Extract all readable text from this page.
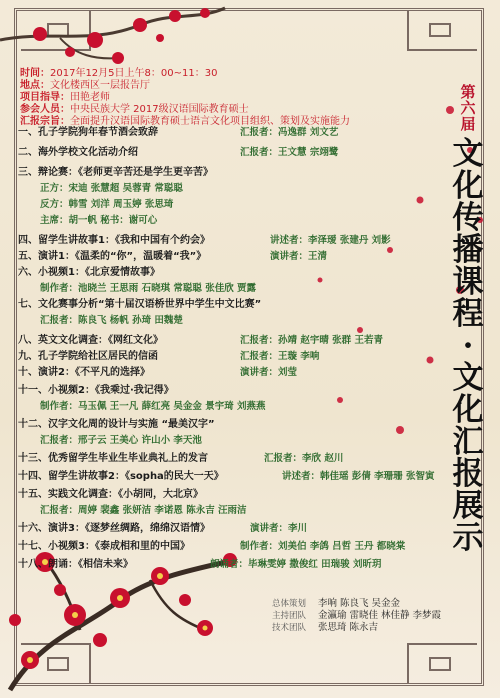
时间：2017年12月5日上午8：00~11：30
地点：文化楼西区一层报告厅
项目指导：田艳老师
参会人员：中央民族大学 2017级汉语国际教育硕士
汇报宗旨：全面提升汉语国际教育硕士语言文化项目组织、策划及实施能力
第
六
届
文
化
传
播
课
程
·
文
化
汇
报
展
示
一、孔子学院狗年春节酒会致辞	汇报者：冯逸群 刘文艺
二、海外学校文化活动介绍	汇报者：王文慧 宗翊鹭
三、辩论赛：《老师更辛苦还是学生更辛苦》
正方：宋迪 张慧超 吴蓉青 常聪聪
反方：韩雪 刘洋 周玉婷 张思琦
主席：胡一帆 秘书：谢可心
四、留学生讲故事1：《我和中国有个约会》	讲述者：李泽瑷 张建丹 刘影
五、演讲1：《温柔的“你”，温暖着“我”》	演讲者：王清
六、小视频1：《北京爱情故事》
制作者：池晓兰 王思雨 石晓琪 常聪聪 张佳欣 贾露
七、文化赛事分析“第十届汉语桥世界中学生中文比赛”
汇报者：陈良飞 杨帆 孙琦 田魏楚
八、英文文化调查：《网红文化》	汇报者：孙靖 赵宇晴 张群 王若青
九、孔子学院给社区居民的信函	汇报者：王璇 李响
十、演讲2：《不平凡的选择》	演讲者：刘莹
十一、小视频2：《我乘过·我记得》
制作者：马玉佩 王一凡 薛红亮 吴金金 景宇琦 刘燕燕
十二、汉字文化周的设计与实施 “最美汉字”
汇报者：邢子云 王美心 许山小 李天池
十三、优秀留学生毕业生毕业典礼上的发言	汇报者：李欣 赵川
十四、留学生讲故事2：《sopha的民大一天》	讲述者：韩佳瑶 彭倩 李珊珊 张智寅
十五、实践文化调查：《小胡同，大北京》
汇报者：周婷 裴鑫 张妍洁 李诺恩 陈永吉 汪雨洁
十六、演讲3：《逐梦丝绸路，绵绵汉语情》	演讲者：李川
十七、小视频3：《泰成相和里的中国》	制作者：刘美伯 李鸽 吕哲 王丹 都晓棠
十八、朗诵：《相信未来》	朗诵者：毕琳雯婷 撒俊红 田瑞骏 刘昕玥
总体策划 李响 陈良飞 吴金金
主持团队 金瀛瑜 雷晓佳 林佳静 李梦霞
技术团队 张思琦 陈永吉
